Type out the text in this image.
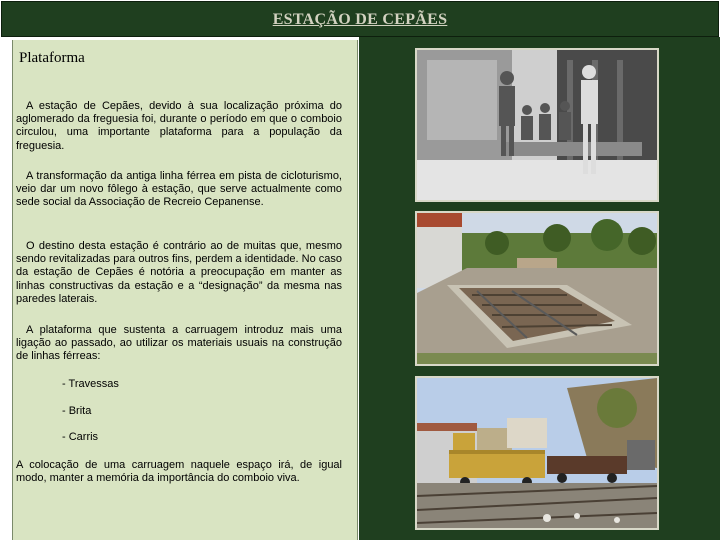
ESTAÇÃO DE CEPÃES
Plataforma

A estação de Cepães, devido à sua localização próxima do aglomerado da freguesia foi, durante o período em que o comboio circulou, uma importante plataforma para a população da freguesia.

A transformação da antiga linha férrea em pista de cicloturismo, veio dar um novo fôlego à estação, que serve actualmente como sede social da Associação de Recreio Cepanense.

O destino desta estação é contrário ao de muitas que, mesmo sendo revitalizadas para outros fins, perdem a identidade. No caso da estação de Cepães é notória a preocupação em manter as linhas constructivas da estação e a “designação” da mesma nas paredes laterais.

A plataforma que sustenta a carruagem introduz mais uma ligação ao passado, ao utilizar os materiais usuais na construção de linhas férreas:

- Travessas
- Brita
- Carris

A colocação de uma carruagem naquele espaço irá, de igual modo, manter a memória da importância do comboio viva.
